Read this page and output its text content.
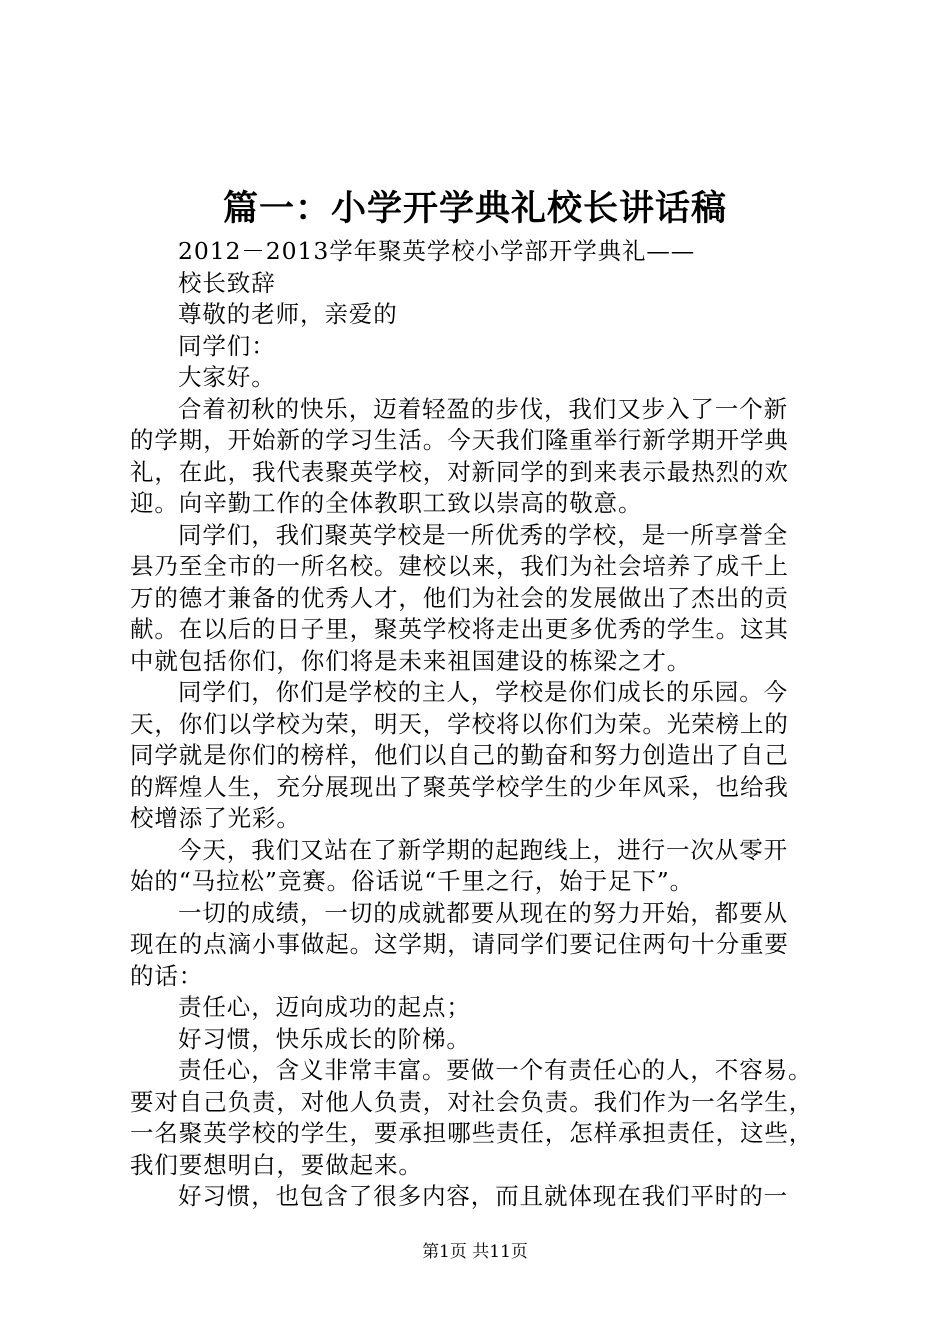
篇一：小学开学典礼校长讲话稿
2012－2013学年聚英学校小学部开学典礼——
校长致辞
尊敬的老师，亲爱的
同学们：
大家好。
合着初秋的快乐，迈着轻盈的步伐，我们又步入了一个新
的学期，开始新的学习生活。今天我们隆重举行新学期开学典
礼，在此，我代表聚英学校，对新同学的到来表示最热烈的欢
迎。向辛勤工作的全体教职工致以崇高的敬意。
同学们，我们聚英学校是一所优秀的学校，是一所享誉全
县乃至全市的一所名校。建校以来，我们为社会培养了成千上
万的德才兼备的优秀人才，他们为社会的发展做出了杰出的贡
献。在以后的日子里，聚英学校将走出更多优秀的学生。这其
中就包括你们，你们将是未来祖国建设的栋梁之才。
同学们，你们是学校的主人，学校是你们成长的乐园。今
天，你们以学校为荣，明天，学校将以你们为荣。光荣榜上的
同学就是你们的榜样，他们以自己的勤奋和努力创造出了自己
的辉煌人生，充分展现出了聚英学校学生的少年风采，也给我
校增添了光彩。
今天，我们又站在了新学期的起跑线上，进行一次从零开
始的“马拉松”竞赛。俗话说“千里之行，始于足下”。
一切的成绩，一切的成就都要从现在的努力开始，都要从
现在的点滴小事做起。这学期，请同学们要记住两句十分重要
的话：
责任心，迈向成功的起点；
好习惯，快乐成长的阶梯。
责任心，含义非常丰富。要做一个有责任心的人，不容易。
要对自己负责，对他人负责，对社会负责。我们作为一名学生，
一名聚英学校的学生，要承担哪些责任，怎样承担责任，这些，
我们要想明白，要做起来。
好习惯，也包含了很多内容，而且就体现在我们平时的一
第1页 共11页
